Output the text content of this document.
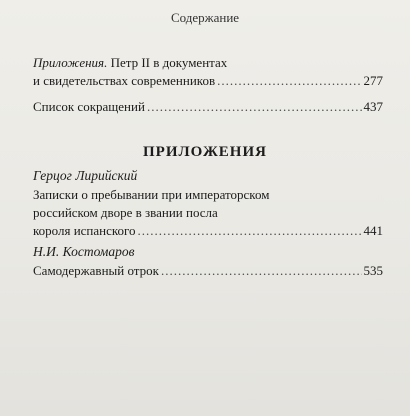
Содержание
Приложения.
Петр II в документах
и свидетельствах современников .....	277
Список сокращений .....	437
ПРИЛОЖЕНИЯ
Герцог Лирийский
Записки о пребывании при императорском
российском дворе в звании посла
короля испанского .....	441
Н.И. Костомаров
Самодержавный отрок .....	535
